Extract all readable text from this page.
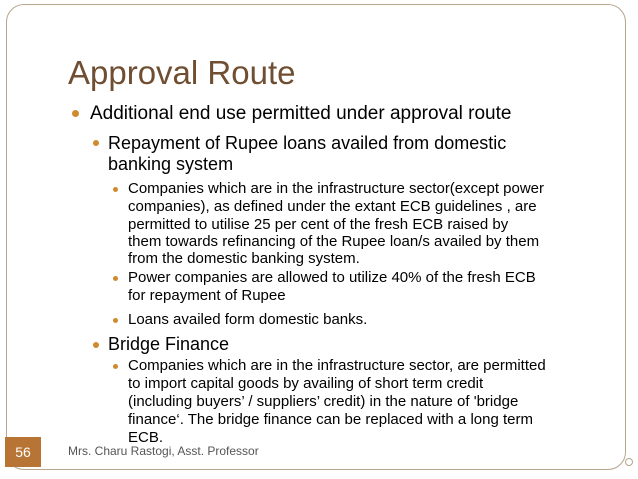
Approval Route
Additional end use permitted under approval route
Repayment of Rupee loans availed from domestic
banking system
Companies which are in the infrastructure sector(except power
companies), as defined under the extant ECB guidelines , are
permitted to utilise 25 per cent of the fresh ECB raised by
them towards refinancing of the Rupee loan/s availed by them
from the domestic banking system.
Power companies are allowed to utilize 40% of the fresh ECB
for repayment of Rupee
Loans availed form domestic banks.
Bridge Finance
Companies which are in the infrastructure sector, are permitted
to import capital goods by availing of short term credit
(including buyers’ / suppliers’ credit) in the nature of 'bridge
finance‘. The bridge finance can be replaced with a long term
ECB.
56	Mrs. Charu Rastogi, Asst. Professor
